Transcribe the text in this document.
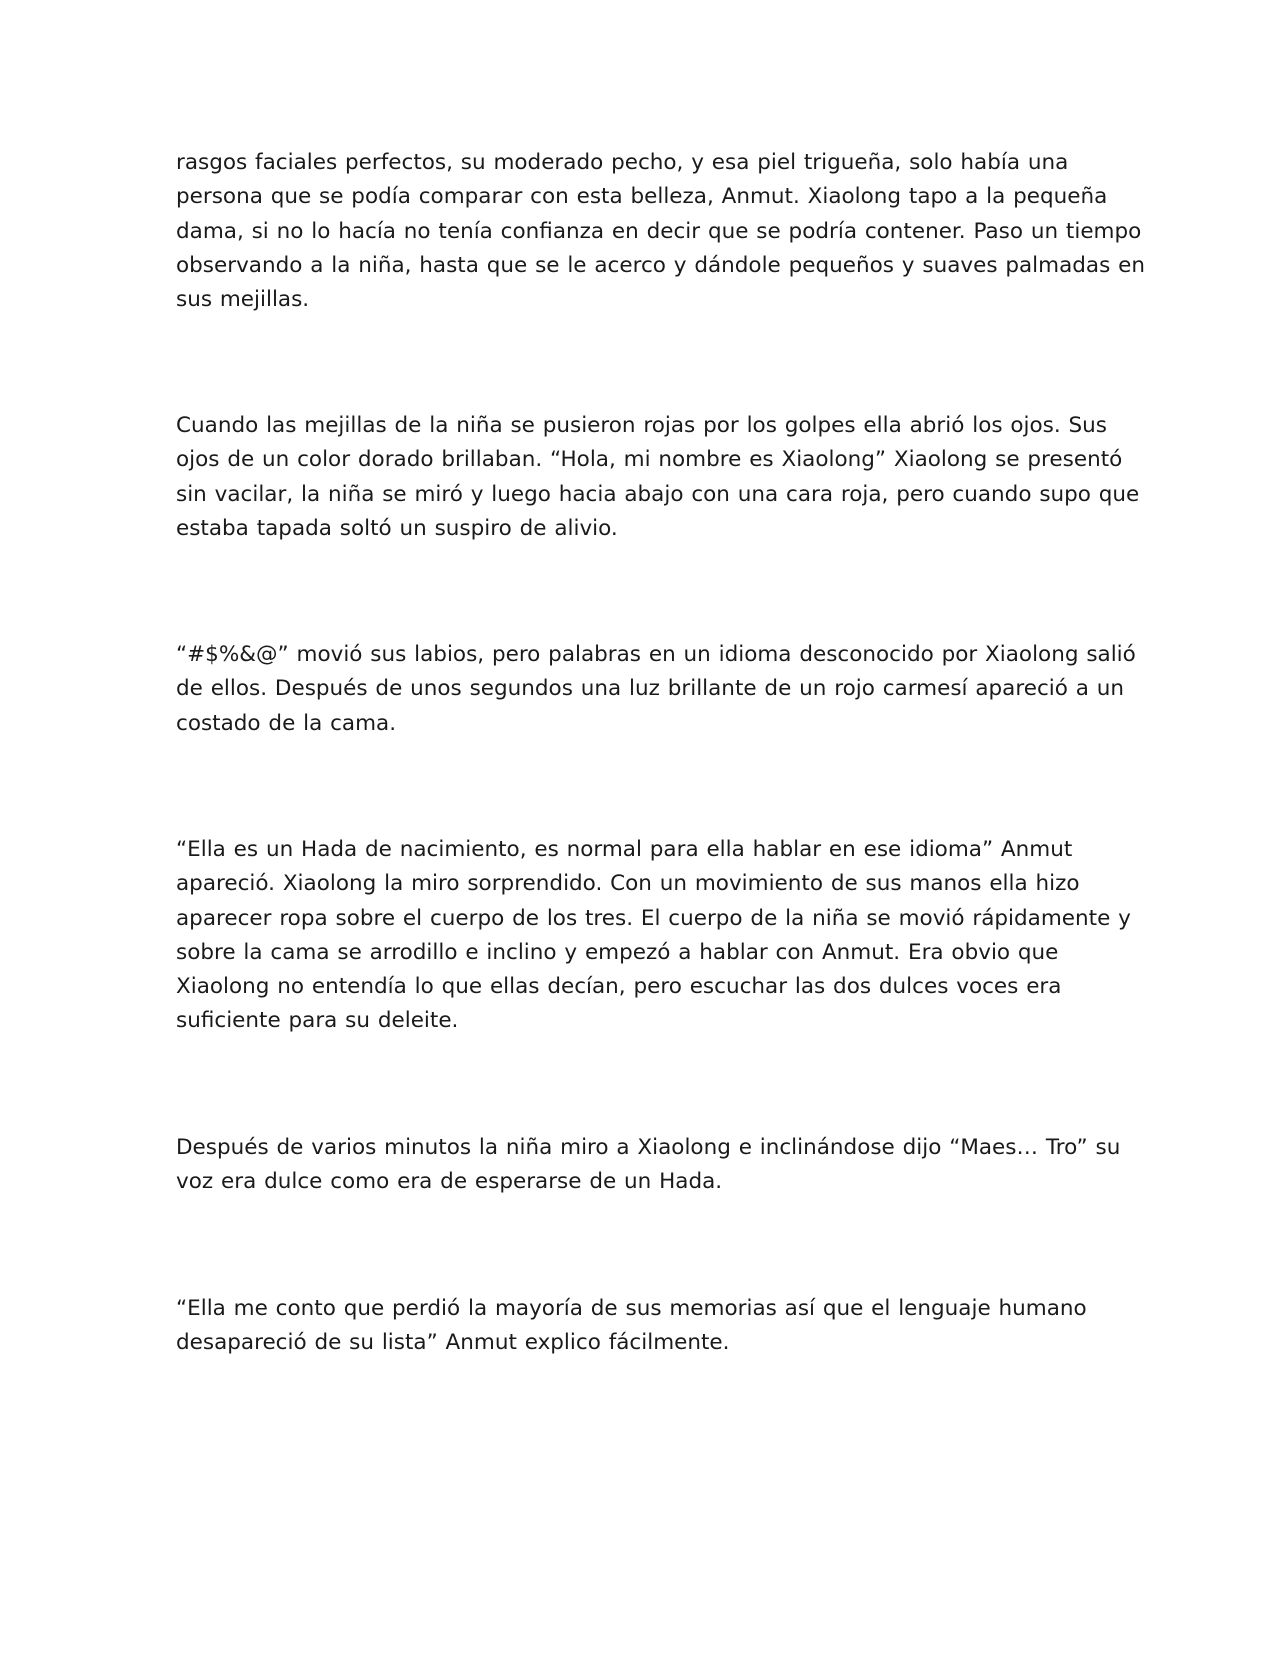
rasgos faciales perfectos, su moderado pecho, y esa piel trigueña, solo había una
persona que se podía comparar con esta belleza, Anmut. Xiaolong tapo a la pequeña
dama, si no lo hacía no tenía confianza en decir que se podría contener. Paso un tiempo
observando a la niña, hasta que se le acerco y dándole pequeños y suaves palmadas en
sus mejillas.

Cuando las mejillas de la niña se pusieron rojas por los golpes ella abrió los ojos. Sus
ojos de un color dorado brillaban. “Hola, mi nombre es Xiaolong” Xiaolong se presentó
sin vacilar, la niña se miró y luego hacia abajo con una cara roja, pero cuando supo que
estaba tapada soltó un suspiro de alivio.

“#$%&@” movió sus labios, pero palabras en un idioma desconocido por Xiaolong salió
de ellos. Después de unos segundos una luz brillante de un rojo carmesí apareció a un
costado de la cama.

“Ella es un Hada de nacimiento, es normal para ella hablar en ese idioma” Anmut
apareció. Xiaolong la miro sorprendido. Con un movimiento de sus manos ella hizo
aparecer ropa sobre el cuerpo de los tres. El cuerpo de la niña se movió rápidamente y
sobre la cama se arrodillo e inclino y empezó a hablar con Anmut. Era obvio que
Xiaolong no entendía lo que ellas decían, pero escuchar las dos dulces voces era
suficiente para su deleite.

Después de varios minutos la niña miro a Xiaolong e inclinándose dijo “Maes… Tro” su
voz era dulce como era de esperarse de un Hada.

“Ella me conto que perdió la mayoría de sus memorias así que el lenguaje humano
desapareció de su lista” Anmut explico fácilmente.
